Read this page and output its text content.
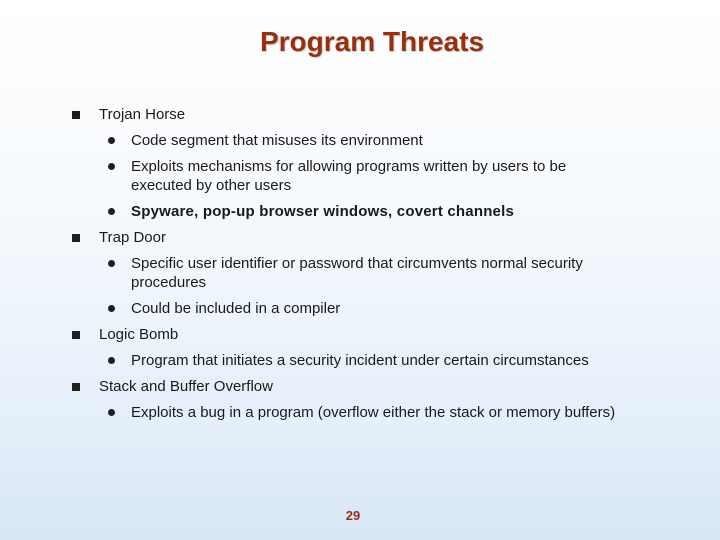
Program Threats
Trojan Horse
Code segment that misuses its environment
Exploits mechanisms for allowing programs written by users to be executed by other users
Spyware, pop-up browser windows, covert channels
Trap Door
Specific user identifier or password that circumvents normal security procedures
Could be included in a compiler
Logic Bomb
Program that initiates a security incident under certain circumstances
Stack and Buffer Overflow
Exploits a bug in a program (overflow either the stack or memory buffers)
29
